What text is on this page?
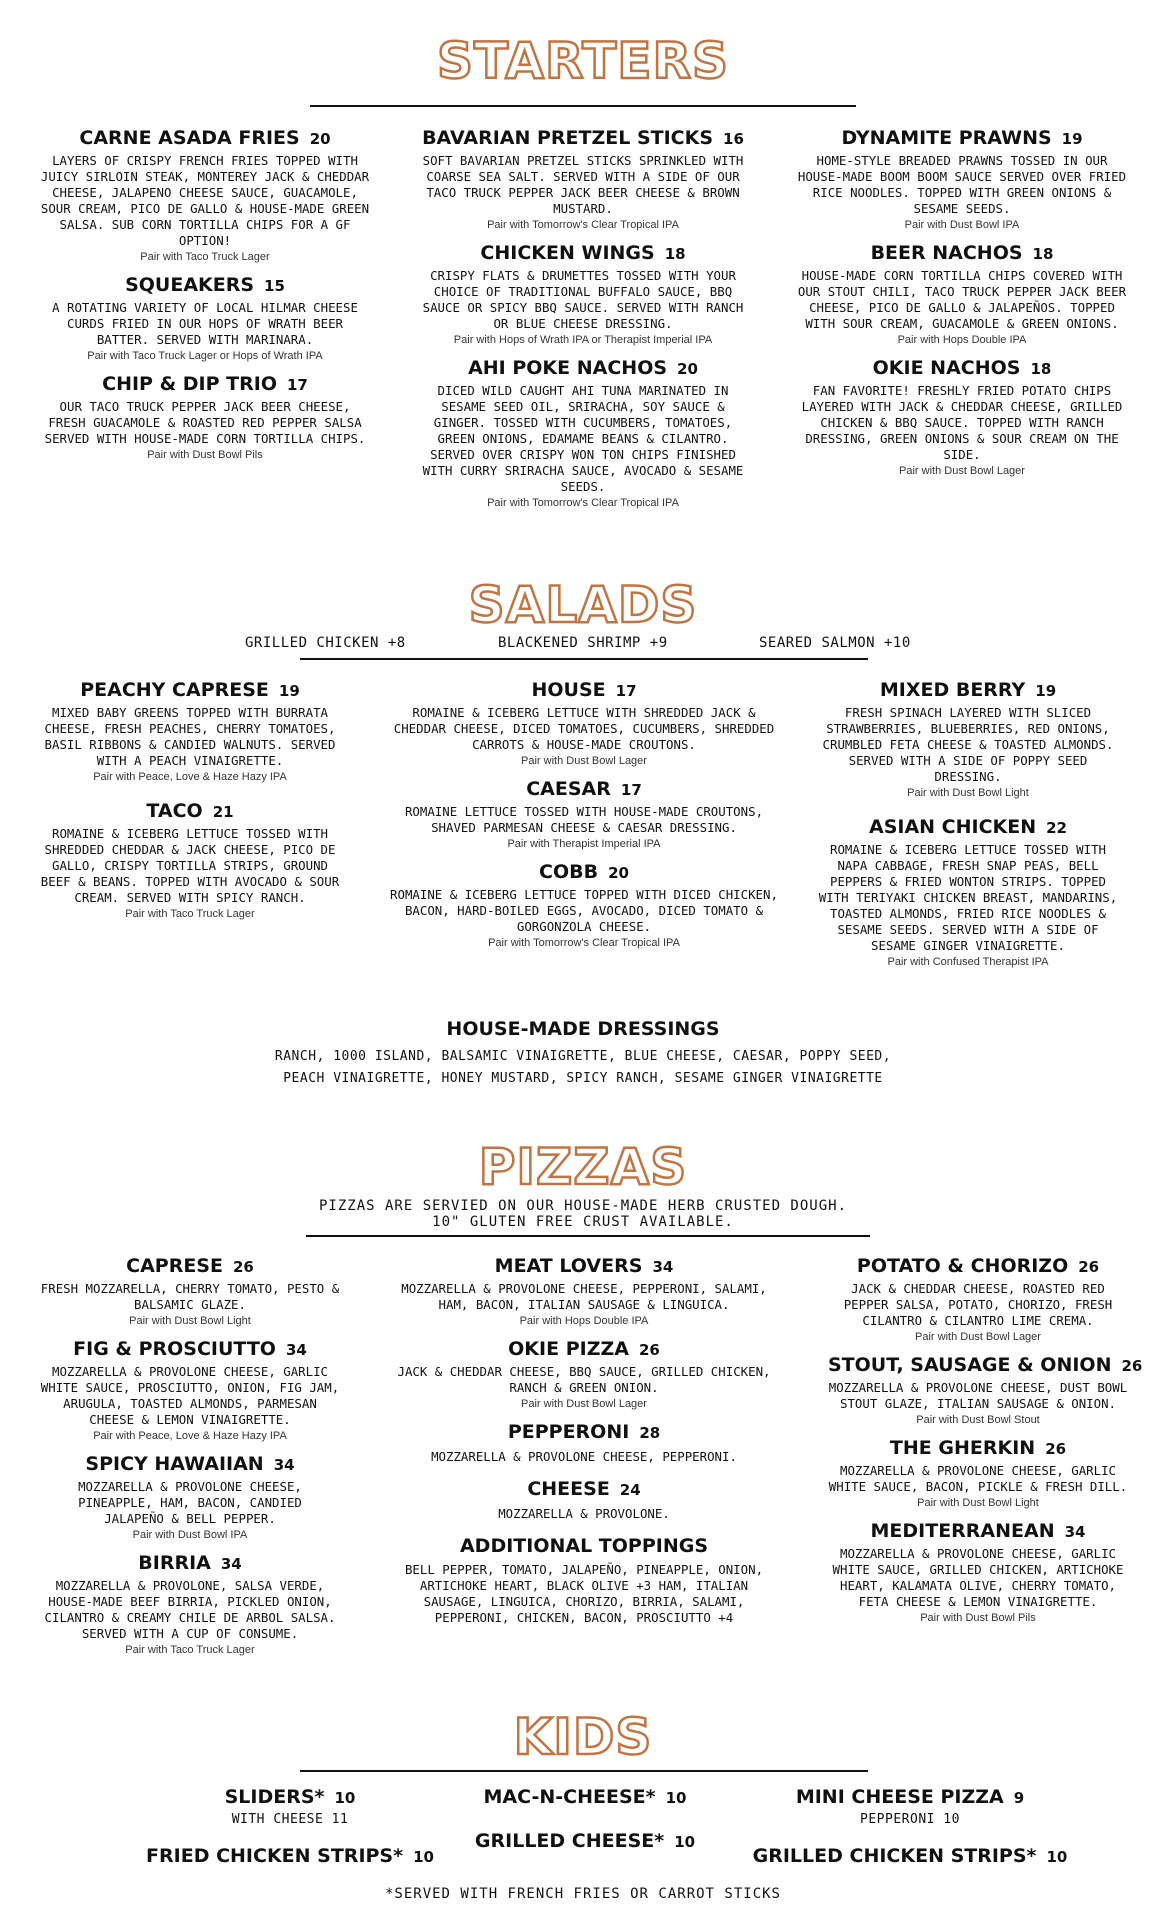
STARTERS
CARNE ASADA FRIES 20
LAYERS OF CRISPY FRENCH FRIES TOPPED WITH JUICY SIRLOIN STEAK, MONTEREY JACK & CHEDDAR CHEESE, JALAPENO CHEESE SAUCE, GUACAMOLE, SOUR CREAM, PICO DE GALLO & HOUSE-MADE GREEN SALSA. SUB CORN TORTILLA CHIPS FOR A GF OPTION!
Pair with Taco Truck Lager
SQUEAKERS 15
A ROTATING VARIETY OF LOCAL HILMAR CHEESE CURDS FRIED IN OUR HOPS OF WRATH BEER BATTER. SERVED WITH MARINARA.
Pair with Taco Truck Lager or Hops of Wrath IPA
CHIP & DIP TRIO 17
OUR TACO TRUCK PEPPER JACK BEER CHEESE, FRESH GUACAMOLE & ROASTED RED PEPPER SALSA SERVED WITH HOUSE-MADE CORN TORTILLA CHIPS.
Pair with Dust Bowl Pils
BAVARIAN PRETZEL STICKS 16
SOFT BAVARIAN PRETZEL STICKS SPRINKLED WITH COARSE SEA SALT. SERVED WITH A SIDE OF OUR TACO TRUCK PEPPER JACK BEER CHEESE & BROWN MUSTARD.
Pair with Tomorrow's Clear Tropical IPA
CHICKEN WINGS 18
CRISPY FLATS & DRUMETTES TOSSED WITH YOUR CHOICE OF TRADITIONAL BUFFALO SAUCE, BBQ SAUCE OR SPICY BBQ SAUCE. SERVED WITH RANCH OR BLUE CHEESE DRESSING.
Pair with Hops of Wrath IPA or Therapist Imperial IPA
AHI POKE NACHOS 20
DICED WILD CAUGHT AHI TUNA MARINATED IN SESAME SEED OIL, SRIRACHA, SOY SAUCE & GINGER. TOSSED WITH CUCUMBERS, TOMATOES, GREEN ONIONS, EDAMAME BEANS & CILANTRO. SERVED OVER CRISPY WON TON CHIPS FINISHED WITH CURRY SRIRACHA SAUCE, AVOCADO & SESAME SEEDS.
Pair with Tomorrow's Clear Tropical IPA
DYNAMITE PRAWNS 19
HOME-STYLE BREADED PRAWNS TOSSED IN OUR HOUSE-MADE BOOM BOOM SAUCE SERVED OVER FRIED RICE NOODLES. TOPPED WITH GREEN ONIONS & SESAME SEEDS.
Pair with Dust Bowl IPA
BEER NACHOS 18
HOUSE-MADE CORN TORTILLA CHIPS COVERED WITH OUR STOUT CHILI, TACO TRUCK PEPPER JACK BEER CHEESE, PICO DE GALLO & JALAPEÑOS. TOPPED WITH SOUR CREAM, GUACAMOLE & GREEN ONIONS.
Pair with Hops Double IPA
OKIE NACHOS 18
FAN FAVORITE! FRESHLY FRIED POTATO CHIPS LAYERED WITH JACK & CHEDDAR CHEESE, GRILLED CHICKEN & BBQ SAUCE. TOPPED WITH RANCH DRESSING, GREEN ONIONS & SOUR CREAM ON THE SIDE.
Pair with Dust Bowl Lager
SALADS
GRILLED CHICKEN +8	BLACKENED SHRIMP +9	SEARED SALMON +10
PEACHY CAPRESE 19
MIXED BABY GREENS TOPPED WITH BURRATA CHEESE, FRESH PEACHES, CHERRY TOMATOES, BASIL RIBBONS & CANDIED WALNUTS. SERVED WITH A PEACH VINAIGRETTE.
Pair with Peace, Love & Haze Hazy IPA
TACO 21
ROMAINE & ICEBERG LETTUCE TOSSED WITH SHREDDED CHEDDAR & JACK CHEESE, PICO DE GALLO, CRISPY TORTILLA STRIPS, GROUND BEEF & BEANS. TOPPED WITH AVOCADO & SOUR CREAM. SERVED WITH SPICY RANCH.
Pair with Taco Truck Lager
HOUSE 17
ROMAINE & ICEBERG LETTUCE WITH SHREDDED JACK & CHEDDAR CHEESE, DICED TOMATOES, CUCUMBERS, SHREDDED CARROTS & HOUSE-MADE CROUTONS.
Pair with Dust Bowl Lager
CAESAR 17
ROMAINE LETTUCE TOSSED WITH HOUSE-MADE CROUTONS, SHAVED PARMESAN CHEESE & CAESAR DRESSING.
Pair with Therapist Imperial IPA
COBB 20
ROMAINE & ICEBERG LETTUCE TOPPED WITH DICED CHICKEN, BACON, HARD-BOILED EGGS, AVOCADO, DICED TOMATO & GORGONZOLA CHEESE.
Pair with Tomorrow's Clear Tropical IPA
MIXED BERRY 19
FRESH SPINACH LAYERED WITH SLICED STRAWBERRIES, BLUEBERRIES, RED ONIONS, CRUMBLED FETA CHEESE & TOASTED ALMONDS. SERVED WITH A SIDE OF POPPY SEED DRESSING.
Pair with Dust Bowl Light
ASIAN CHICKEN 22
ROMAINE & ICEBERG LETTUCE TOSSED WITH NAPA CABBAGE, FRESH SNAP PEAS, BELL PEPPERS & FRIED WONTON STRIPS. TOPPED WITH TERIYAKI CHICKEN BREAST, MANDARINS, TOASTED ALMONDS, FRIED RICE NOODLES & SESAME SEEDS. SERVED WITH A SIDE OF SESAME GINGER VINAIGRETTE.
Pair with Confused Therapist IPA
HOUSE-MADE DRESSINGS
RANCH, 1000 ISLAND, BALSAMIC VINAIGRETTE, BLUE CHEESE, CAESAR, POPPY SEED,
PEACH VINAIGRETTE, HONEY MUSTARD, SPICY RANCH, SESAME GINGER VINAIGRETTE
PIZZAS
PIZZAS ARE SERVIED ON OUR HOUSE-MADE HERB CRUSTED DOUGH.
10" GLUTEN FREE CRUST AVAILABLE.
CAPRESE 26
FRESH MOZZARELLA, CHERRY TOMATO, PESTO & BALSAMIC GLAZE.
Pair with Dust Bowl Light
FIG & PROSCIUTTO 34
MOZZARELLA & PROVOLONE CHEESE, GARLIC WHITE SAUCE, PROSCIUTTO, ONION, FIG JAM, ARUGULA, TOASTED ALMONDS, PARMESAN CHEESE & LEMON VINAIGRETTE.
Pair with Peace, Love & Haze Hazy IPA
SPICY HAWAIIAN 34
MOZZARELLA & PROVOLONE CHEESE, PINEAPPLE, HAM, BACON, CANDIED JALAPEÑO & BELL PEPPER.
Pair with Dust Bowl IPA
BIRRIA 34
MOZZARELLA & PROVOLONE, SALSA VERDE, HOUSE-MADE BEEF BIRRIA, PICKLED ONION, CILANTRO & CREAMY CHILE DE ARBOL SALSA. SERVED WITH A CUP OF CONSUME.
Pair with Taco Truck Lager
MEAT LOVERS 34
MOZZARELLA & PROVOLONE CHEESE, PEPPERONI, SALAMI, HAM, BACON, ITALIAN SAUSAGE & LINGUICA.
Pair with Hops Double IPA
OKIE PIZZA 26
JACK & CHEDDAR CHEESE, BBQ SAUCE, GRILLED CHICKEN, RANCH & GREEN ONION.
Pair with Dust Bowl Lager
PEPPERONI 28
MOZZARELLA & PROVOLONE CHEESE, PEPPERONI.
CHEESE 24
MOZZARELLA & PROVOLONE.
ADDITIONAL TOPPINGS
BELL PEPPER, TOMATO, JALAPEÑO, PINEAPPLE, ONION, ARTICHOKE HEART, BLACK OLIVE +3 HAM, ITALIAN SAUSAGE, LINGUICA, CHORIZO, BIRRIA, SALAMI, PEPPERONI, CHICKEN, BACON, PROSCIUTTO +4
POTATO & CHORIZO 26
JACK & CHEDDAR CHEESE, ROASTED RED PEPPER SALSA, POTATO, CHORIZO, FRESH CILANTRO & CILANTRO LIME CREMA.
Pair with Dust Bowl Lager
STOUT, SAUSAGE & ONION 26
MOZZARELLA & PROVOLONE CHEESE, DUST BOWL STOUT GLAZE, ITALIAN SAUSAGE & ONION.
Pair with Dust Bowl Stout
THE GHERKIN 26
MOZZARELLA & PROVOLONE CHEESE, GARLIC WHITE SAUCE, BACON, PICKLE & FRESH DILL.
Pair with Dust Bowl Light
MEDITERRANEAN 34
MOZZARELLA & PROVOLONE CHEESE, GARLIC WHITE SAUCE, GRILLED CHICKEN, ARTICHOKE HEART, KALAMATA OLIVE, CHERRY TOMATO, FETA CHEESE & LEMON VINAIGRETTE.
Pair with Dust Bowl Pils
KIDS
SLIDERS* 10
WITH CHEESE 11
FRIED CHICKEN STRIPS* 10
MAC-N-CHEESE* 10
GRILLED CHEESE* 10
MINI CHEESE PIZZA 9
PEPPERONI 10
GRILLED CHICKEN STRIPS* 10
*SERVED WITH FRENCH FRIES OR CARROT STICKS
